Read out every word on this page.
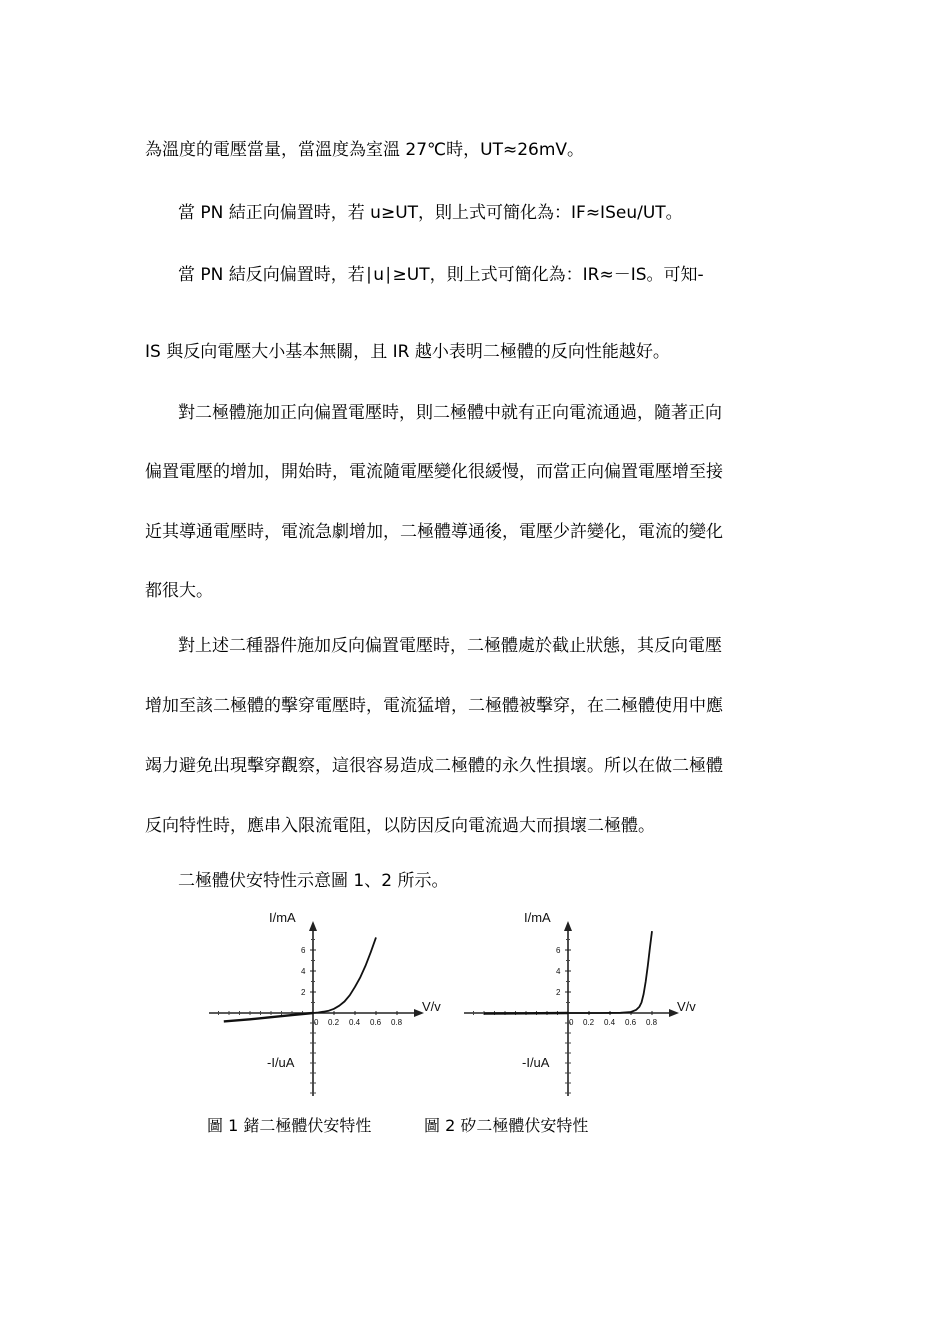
為溫度的電壓當量，當溫度為室溫 27℃時，UT≈26mV。
當 PN 結正向偏置時，若 u≥UT，則上式可簡化為：IF≈ISeu/UT。
當 PN 結反向偏置時，若∣u∣≥UT，則上式可簡化為：IR≈－IS。可知-
IS 與反向電壓大小基本無關，且 IR 越小表明二極體的反向性能越好。
對二極體施加正向偏置電壓時，則二極體中就有正向電流通過，隨著正向
偏置電壓的增加，開始時，電流隨電壓變化很緩慢，而當正向偏置電壓增至接
近其導通電壓時，電流急劇增加，二極體導通後，電壓少許變化，電流的變化
都很大。
對上述二種器件施加反向偏置電壓時，二極體處於截止狀態，其反向電壓
增加至該二極體的擊穿電壓時，電流猛增，二極體被擊穿，在二極體使用中應
竭力避免出現擊穿觀察，這很容易造成二極體的永久性損壞。所以在做二極體
反向特性時，應串入限流電阻，以防因反向電流過大而損壞二極體。
二極體伏安特性示意圖 1、2 所示。
I/mA
-I/uA
V/v
0 0.2 0.4 0.6 0.8
2
4
6
I/mA
-I/uA
V/v
0 0.2 0.4 0.6 0.8
2
4
6
圖 1 鍺二極體伏安特性	圖 2 矽二極體伏安特性
